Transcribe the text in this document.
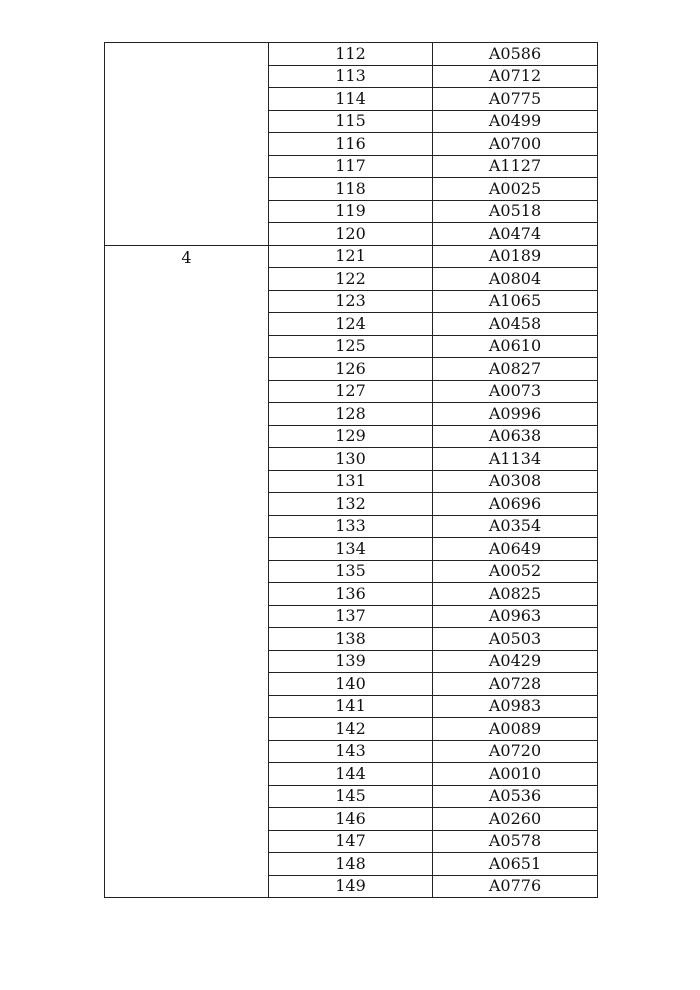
	112	A0586
	113	A0712
	114	A0775
	115	A0499
	116	A0700
	117	A1127
	118	A0025
	119	A0518
	120	A0474
4	121	A0189
	122	A0804
	123	A1065
	124	A0458
	125	A0610
	126	A0827
	127	A0073
	128	A0996
	129	A0638
	130	A1134
	131	A0308
	132	A0696
	133	A0354
	134	A0649
	135	A0052
	136	A0825
	137	A0963
	138	A0503
	139	A0429
	140	A0728
	141	A0983
	142	A0089
	143	A0720
	144	A0010
	145	A0536
	146	A0260
	147	A0578
	148	A0651
	149	A0776
